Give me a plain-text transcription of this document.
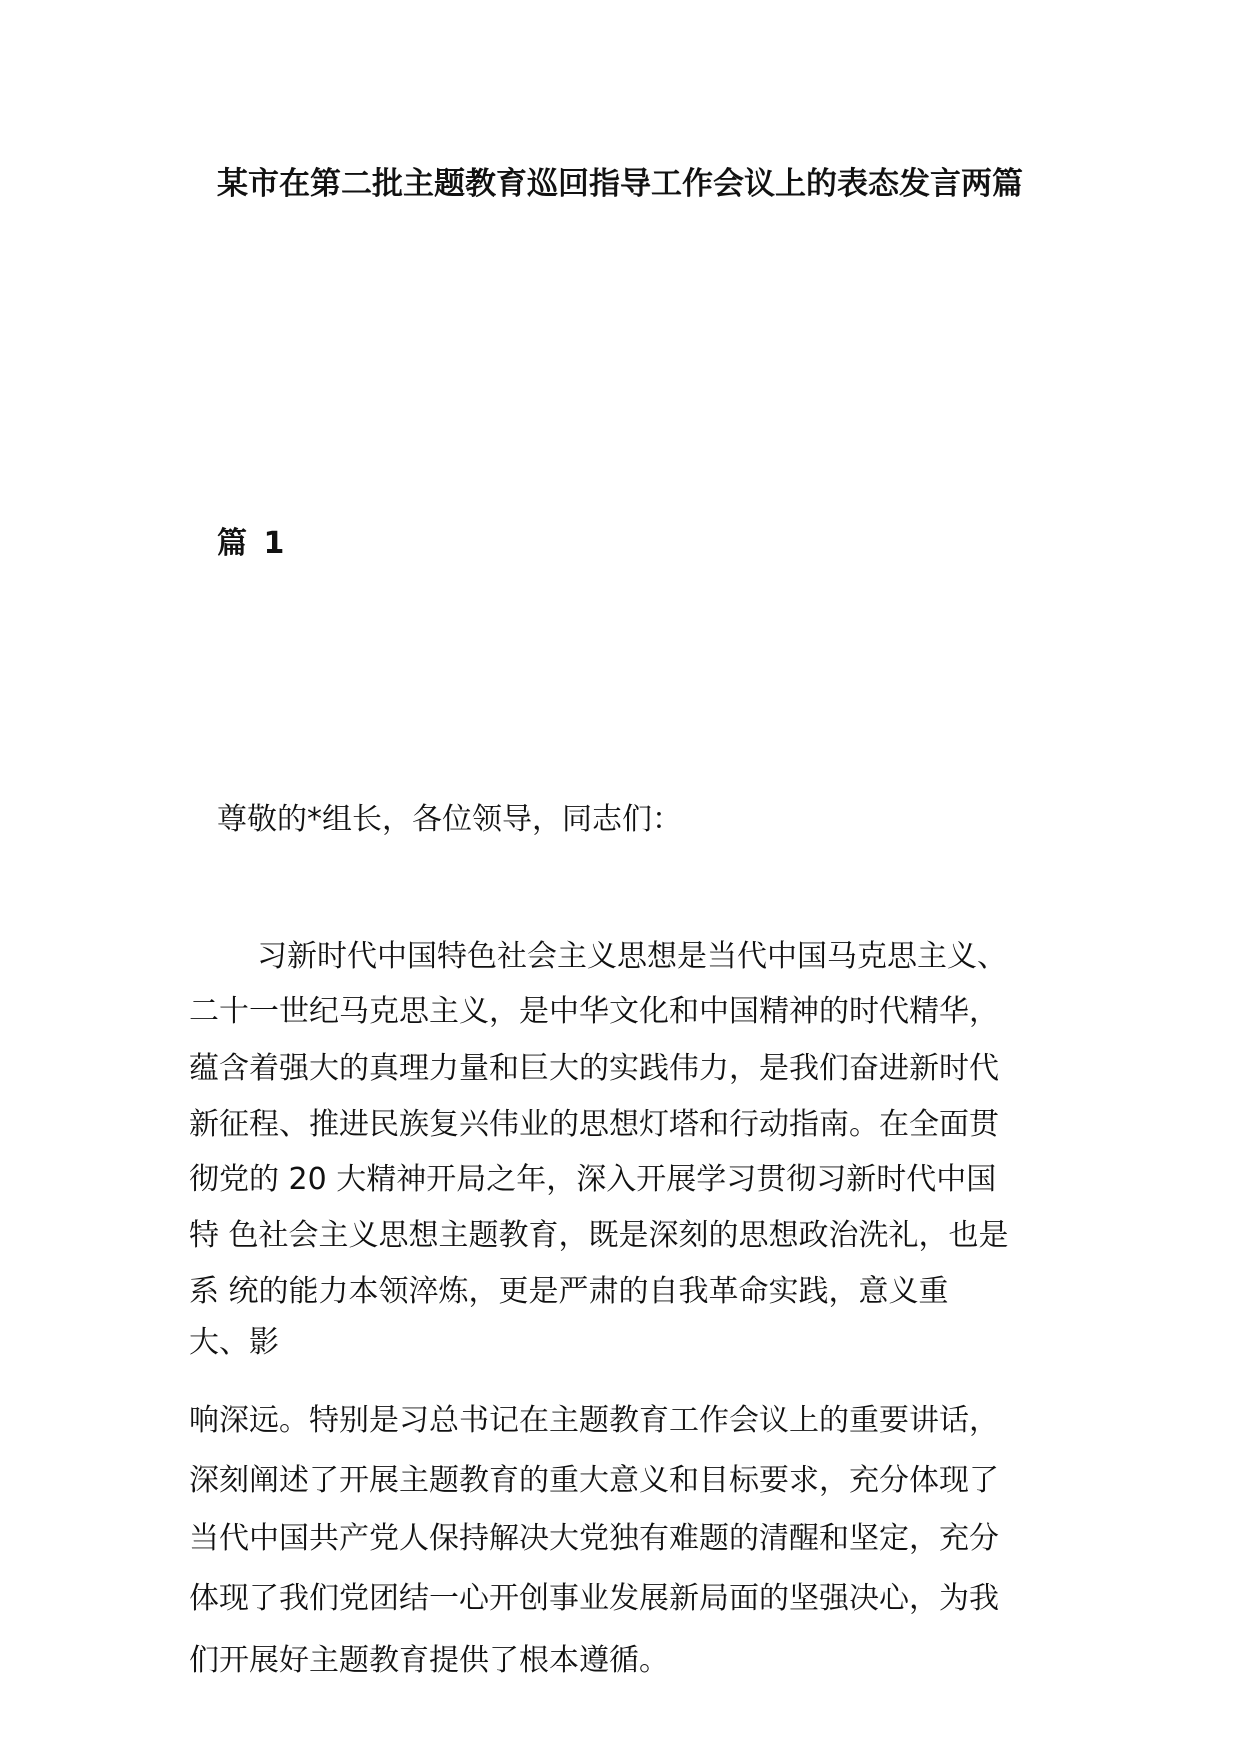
某市在第二批主题教育巡回指导工作会议上的表态发言两篇
篇 1

尊敬的*组长，各位领导，同志们：

习新时代中国特色社会主义思想是当代中国马克思主义、

二十一世纪马克思主义，是中华文化和中国精神的时代精华，

蕴含着强大的真理力量和巨大的实践伟力，是我们奋进新时代

新征程、推进民族复兴伟业的思想灯塔和行动指南。在全面贯

彻党的 20 大精神开局之年，深入开展学习贯彻习新时代中国

特 色社会主义思想主题教育，既是深刻的思想政治洗礼，也是

系 统的能力本领淬炼，更是严肃的自我革命实践，意义重

大、影

响深远。特别是习总书记在主题教育工作会议上的重要讲话，

深刻阐述了开展主题教育的重大意义和目标要求，充分体现了

当代中国共产党人保持解决大党独有难题的清醒和坚定，充分

体现了我们党团结一心开创事业发展新局面的坚强决心，为我

们开展好主题教育提供了根本遵循。
